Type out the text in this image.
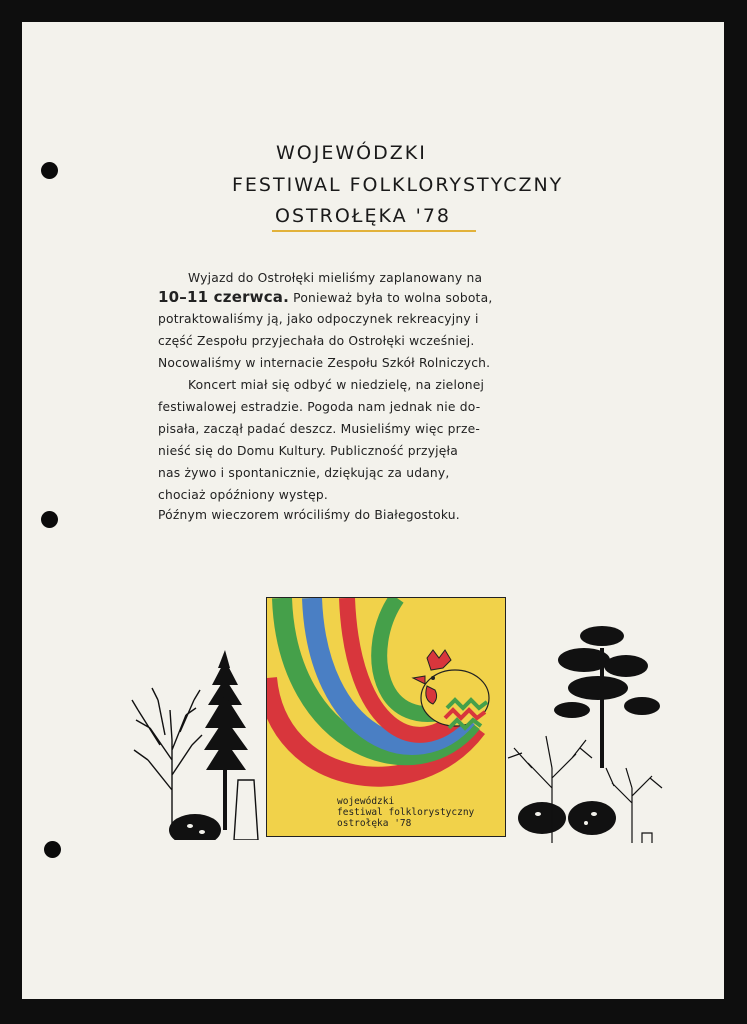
WOJEWÓDZKI
FESTIWAL FOLKLORYSTYCZNY
OSTROŁĘKA '78
Wyjazd do Ostrołęki mieliśmy zaplanowany na
10–11 czerwca. Ponieważ była to wolna sobota,
potraktowaliśmy ją, jako odpoczynek rekreacyjny i
część Zespołu przyjechała do Ostrołęki wcześniej.
Nocowaliśmy w internacie Zespołu Szkół Rolniczych.
Koncert miał się odbyć w niedzielę, na zielonej
festiwalowej estradzie. Pogoda nam jednak nie do-
pisała, zaczął padać deszcz. Musieliśmy więc prze-
nieść się do Domu Kultury. Publiczność przyjęła
nas żywo i spontanicznie, dziękując za udany,
chociaż opóźniony występ.
Późnym wieczorem wróciliśmy do Białegostoku.
wojewódzki
festiwal folklorystyczny
ostrołęka '78
